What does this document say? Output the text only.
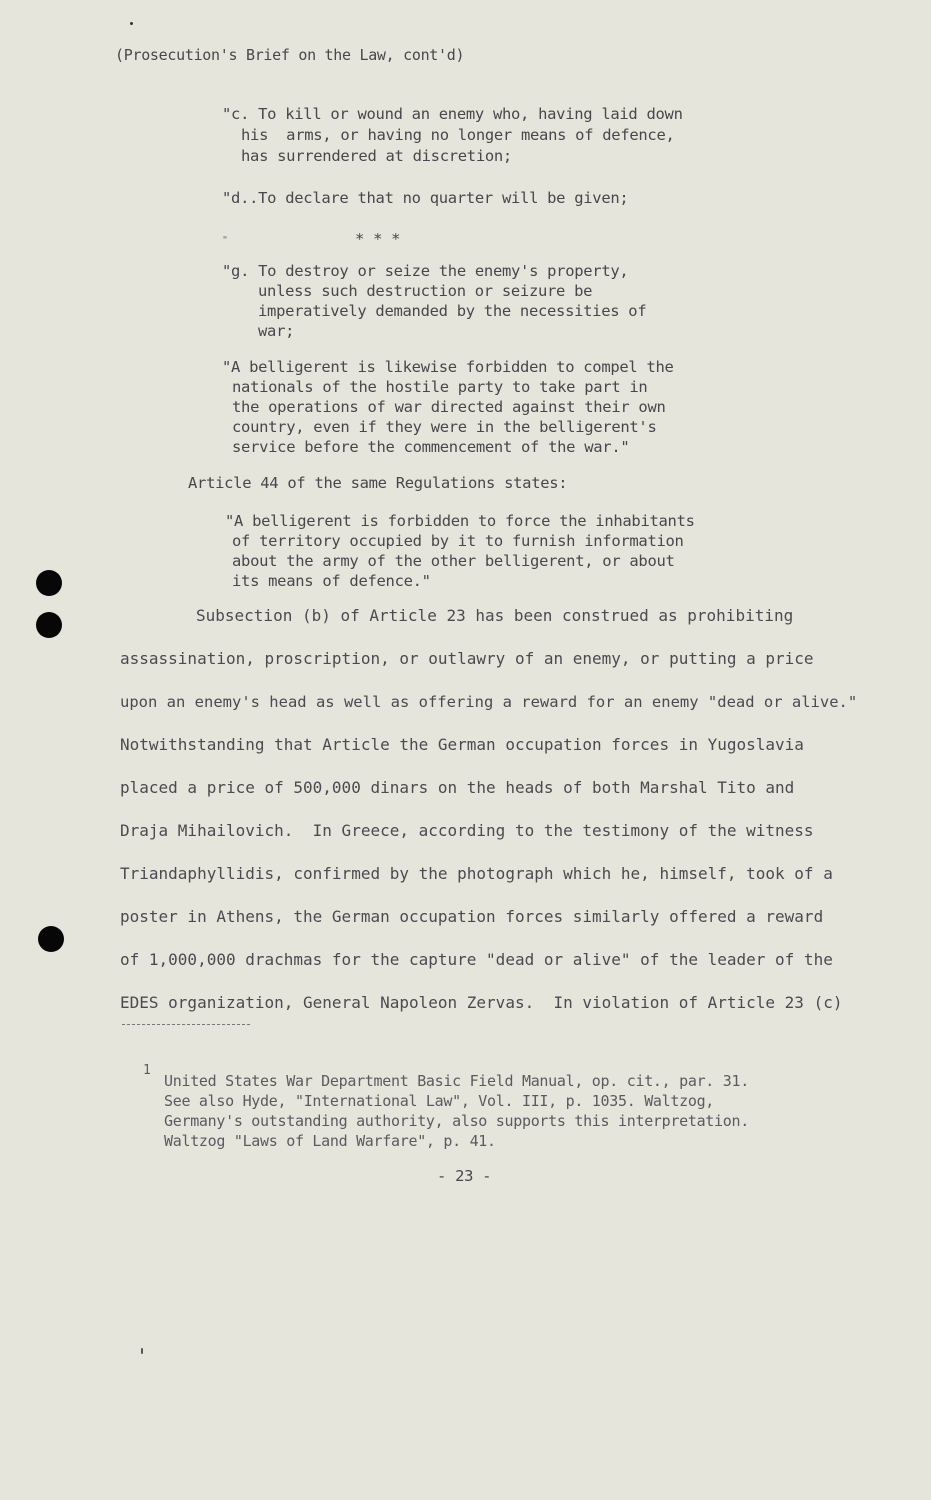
(Prosecution's Brief on the Law, cont'd)
"c. To kill or wound an enemy who, having laid down
his  arms, or having no longer means of defence,
has surrendered at discretion;
"d..To declare that no quarter will be given;
"	* * *
"g. To destroy or seize the enemy's property,
unless such destruction or seizure be
imperatively demanded by the necessities of
war;
"A belligerent is likewise forbidden to compel the
nationals of the hostile party to take part in
the operations of war directed against their own
country, even if they were in the belligerent's
service before the commencement of the war."
Article 44 of the same Regulations states:
"A belligerent is forbidden to force the inhabitants
of territory occupied by it to furnish information
about the army of the other belligerent, or about
its means of defence."
Subsection (b) of Article 23 has been construed as prohibiting
assassination, proscription, or outlawry of an enemy, or putting a price
upon an enemy's head as well as offering a reward for an enemy "dead or alive."
Notwithstanding that Article the German occupation forces in Yugoslavia
placed a price of 500,000 dinars on the heads of both Marshal Tito and
Draja Mihailovich.  In Greece, according to the testimony of the witness
Triandaphyllidis, confirmed by the photograph which he, himself, took of a
poster in Athens, the German occupation forces similarly offered a reward
of 1,000,000 drachmas for the capture "dead or alive" of the leader of the
EDES organization, General Napoleon Zervas.  In violation of Article 23 (c)
1
United States War Department Basic Field Manual, op. cit., par. 31.
See also Hyde, "International Law", Vol. III, p. 1035. Waltzog,
Germany's outstanding authority, also supports this interpretation.
Waltzog "Laws of Land Warfare", p. 41.
- 23 -
